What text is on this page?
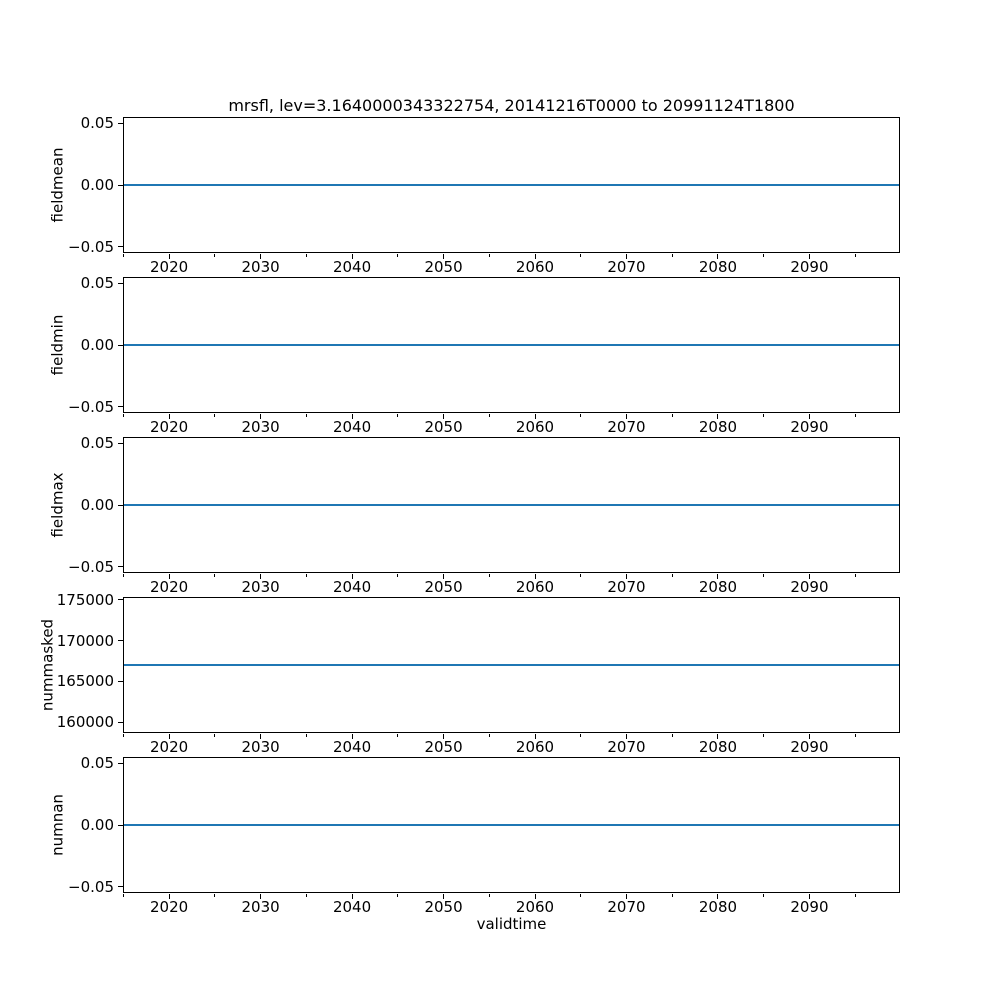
mrsfl, lev=3.1640000343322754, 20141216T0000 to 20991124T1800
0.05
0.00
−0.05
fieldmean
2020	2030	2040	2050	2060	2070	2080	2090
0.05
0.00
−0.05
fieldmin
2020	2030	2040	2050	2060	2070	2080	2090
0.05
0.00
−0.05
fieldmax
2020	2030	2040	2050	2060	2070	2080	2090
175000
170000
165000
160000
nummasked
2020	2030	2040	2050	2060	2070	2080	2090
0.05
0.00
−0.05
numnan
2020	2030	2040	2050	2060	2070	2080	2090
validtime
